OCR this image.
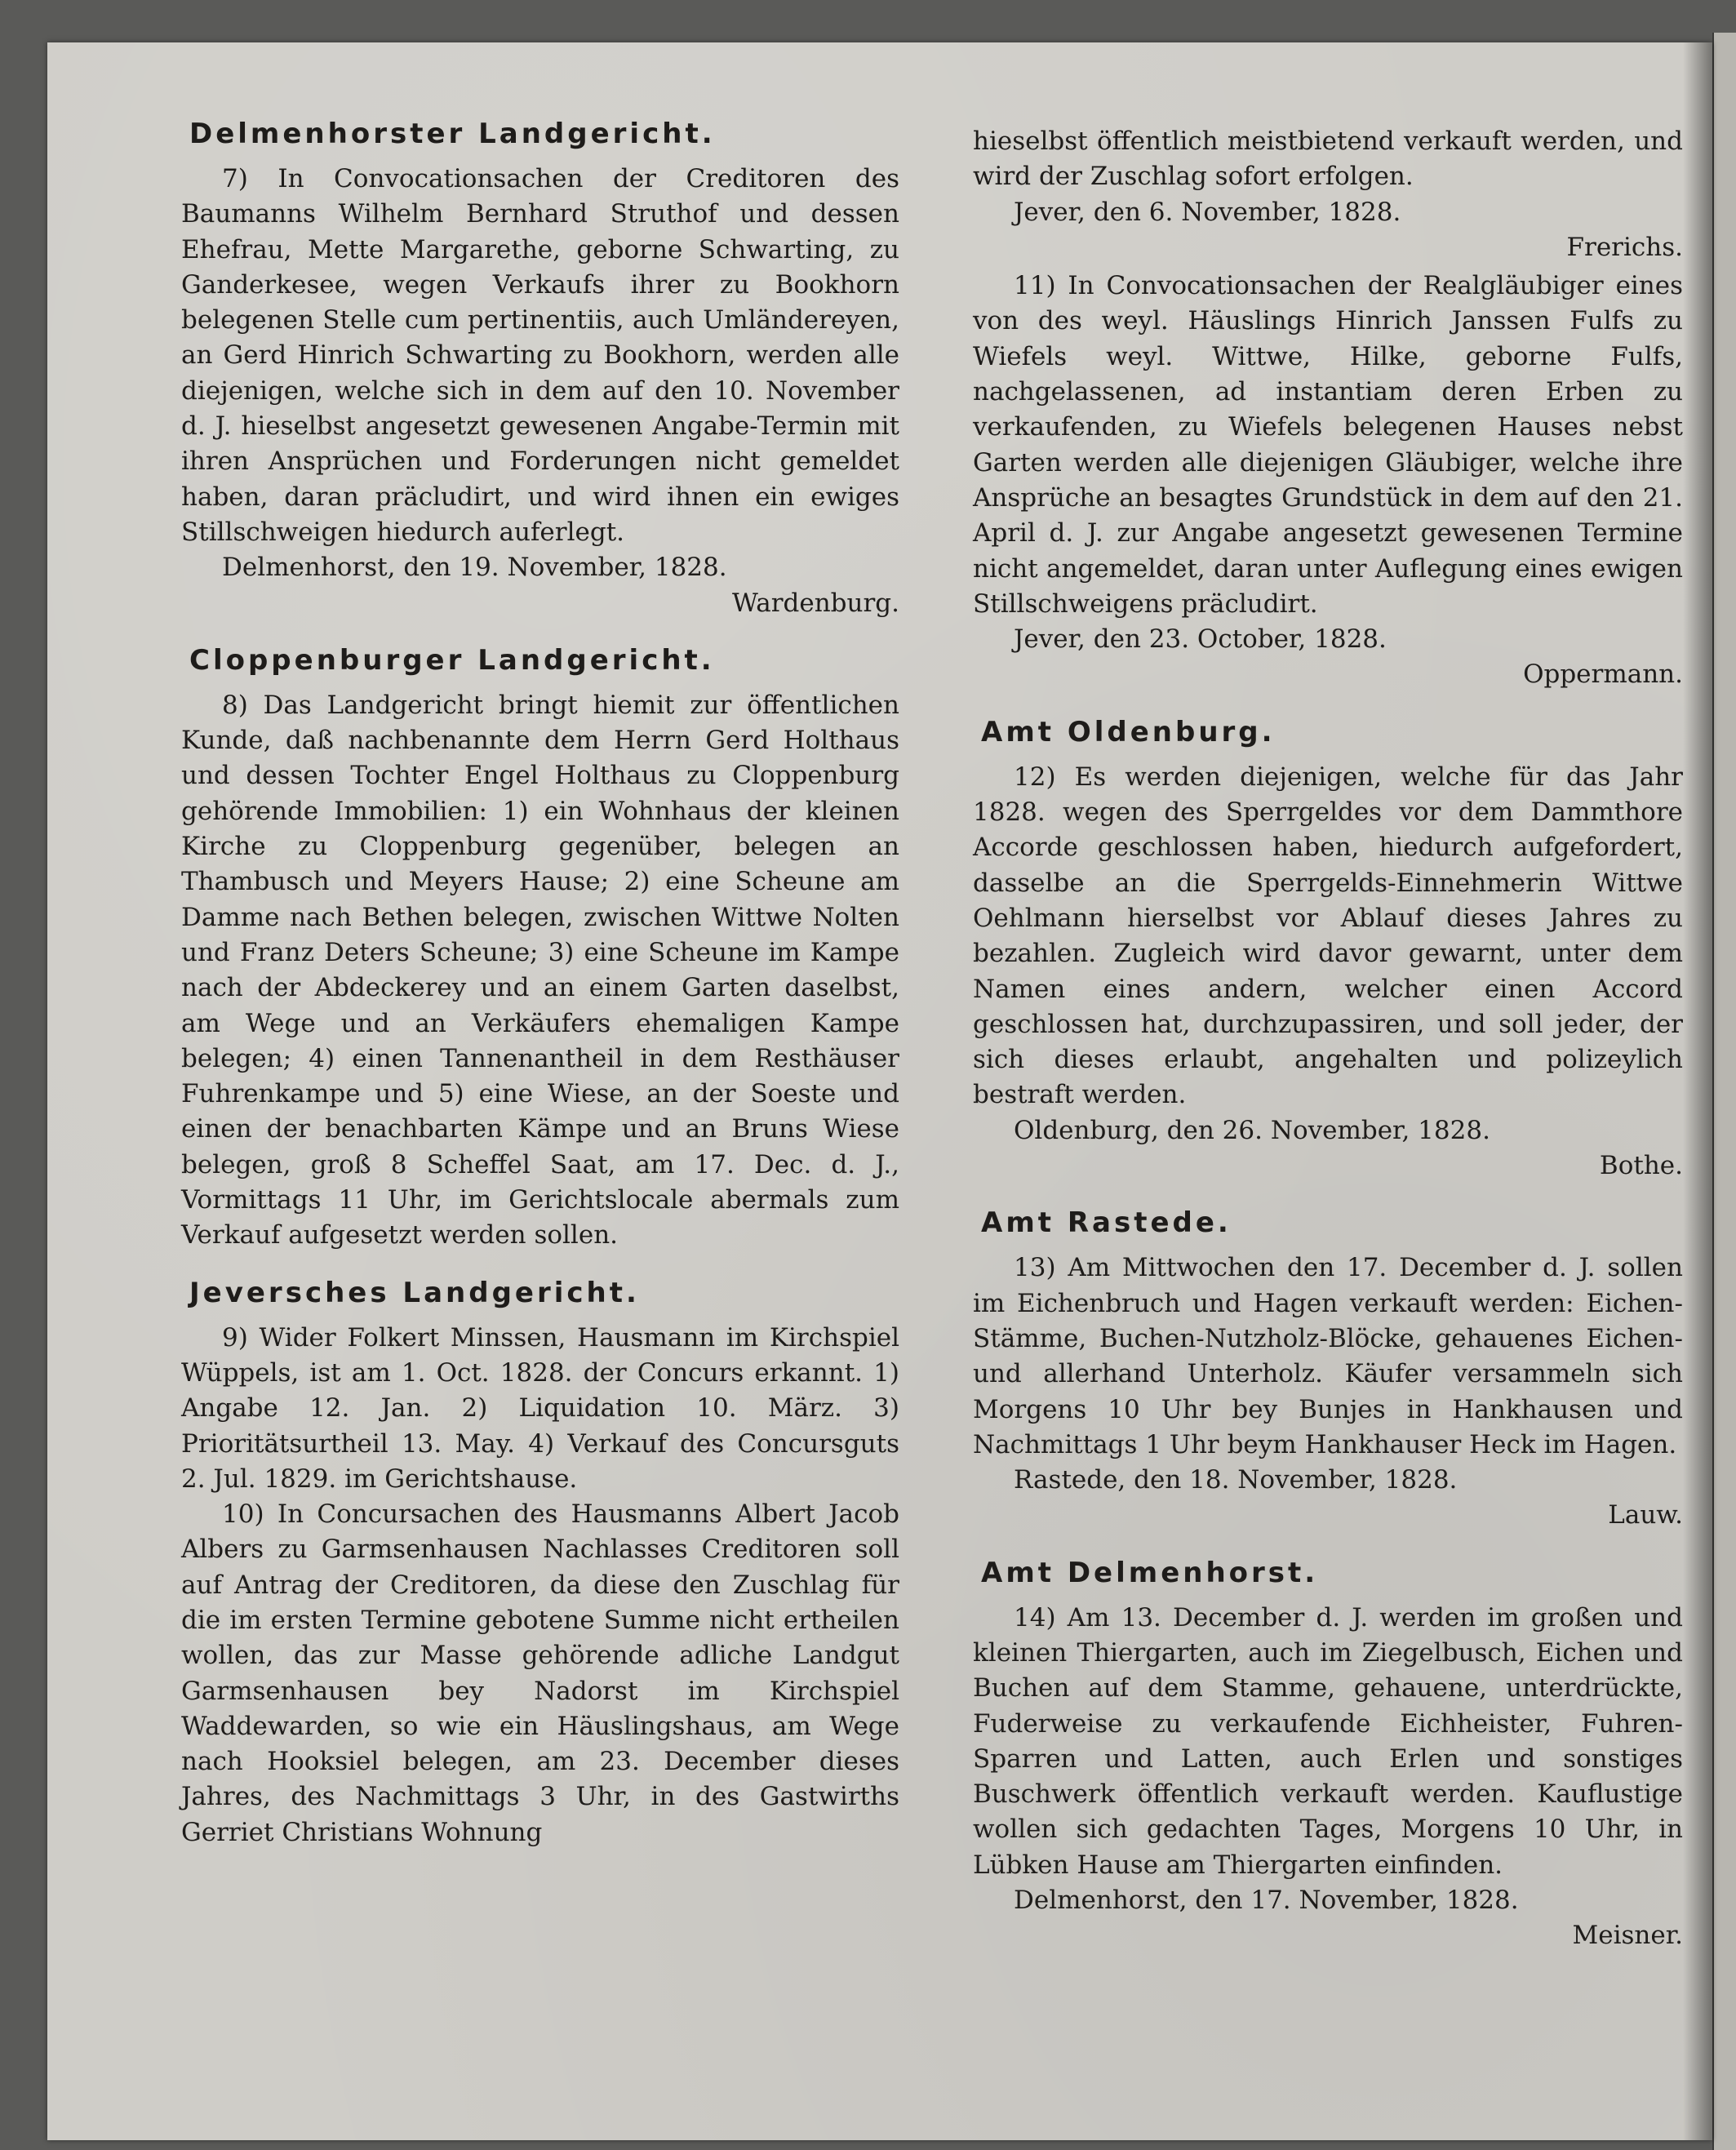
Delmenhorster Landgericht.

7) In Convocationsachen der Creditoren des Baumanns Wilhelm Bernhard Struthof und dessen Ehefrau, Mette Margarethe, geborne Schwarting, zu Ganderkesee, wegen Verkaufs ihrer zu Bookhorn belegenen Stelle cum pertinentiis, auch Umländereyen, an Gerd Hinrich Schwarting zu Bookhorn, werden alle diejenigen, welche sich in dem auf den 10. November d. J. hieselbst angesetzt gewesenen Angabe-Termin mit ihren Ansprüchen und Forderungen nicht gemeldet haben, daran präcludirt, und wird ihnen ein ewiges Stillschweigen hiedurch auferlegt.

Delmenhorst, den 19. November, 1828.

Wardenburg.

Cloppenburger Landgericht.

8) Das Landgericht bringt hiemit zur öffentlichen Kunde, daß nachbenannte dem Herrn Gerd Holthaus und dessen Tochter Engel Holthaus zu Cloppenburg gehörende Immobilien: 1) ein Wohnhaus der kleinen Kirche zu Cloppenburg gegenüber, belegen an Thambusch und Meyers Hause; 2) eine Scheune am Damme nach Bethen belegen, zwischen Wittwe Nolten und Franz Deters Scheune; 3) eine Scheune im Kampe nach der Abdeckerey und an einem Garten daselbst, am Wege und an Verkäufers ehemaligen Kampe belegen; 4) einen Tannenantheil in dem Resthäuser Fuhrenkampe und 5) eine Wiese, an der Soeste und einen der benachbarten Kämpe und an Bruns Wiese belegen, groß 8 Scheffel Saat, am 17. Dec. d. J., Vormittags 11 Uhr, im Gerichtslocale abermals zum Verkauf aufgesetzt werden sollen.

Jeversches Landgericht.

9) Wider Folkert Minssen, Hausmann im Kirchspiel Wüppels, ist am 1. Oct. 1828. der Concurs erkannt. 1) Angabe 12. Jan. 2) Liquidation 10. März. 3) Prioritätsurtheil 13. May. 4) Verkauf des Concursguts 2. Jul. 1829. im Gerichtshause.

10) In Concursachen des Hausmanns Albert Jacob Albers zu Garmsenhausen Nachlasses Creditoren soll auf Antrag der Creditoren, da diese den Zuschlag für die im ersten Termine gebotene Summe nicht ertheilen wollen, das zur Masse gehörende adliche Landgut Garmsenhausen bey Nadorst im Kirchspiel Waddewarden, so wie ein Häuslingshaus, am Wege nach Hooksiel belegen, am 23. December dieses Jahres, des Nachmittags 3 Uhr, in des Gastwirths Gerriet Christians Wohnung

hieselbst öffentlich meistbietend verkauft werden, und wird der Zuschlag sofort erfolgen.

Jever, den 6. November, 1828.

Frerichs.

11) In Convocationsachen der Realgläubiger eines von des weyl. Häuslings Hinrich Janssen Fulfs zu Wiefels weyl. Wittwe, Hilke, geborne Fulfs, nachgelassenen, ad instantiam deren Erben zu verkaufenden, zu Wiefels belegenen Hauses nebst Garten werden alle diejenigen Gläubiger, welche ihre Ansprüche an besagtes Grundstück in dem auf den 21. April d. J. zur Angabe angesetzt gewesenen Termine nicht angemeldet, daran unter Auflegung eines ewigen Stillschweigens präcludirt.

Jever, den 23. October, 1828.

Oppermann.

Amt Oldenburg.

12) Es werden diejenigen, welche für das Jahr 1828. wegen des Sperrgeldes vor dem Dammthore Accorde geschlossen haben, hiedurch aufgefordert, dasselbe an die Sperrgelds-Einnehmerin Wittwe Oehlmann hierselbst vor Ablauf dieses Jahres zu bezahlen. Zugleich wird davor gewarnt, unter dem Namen eines andern, welcher einen Accord geschlossen hat, durchzupassiren, und soll jeder, der sich dieses erlaubt, angehalten und polizeylich bestraft werden.

Oldenburg, den 26. November, 1828.

Bothe.

Amt Rastede.

13) Am Mittwochen den 17. December d. J. sollen im Eichenbruch und Hagen verkauft werden: Eichen-Stämme, Buchen-Nutzholz-Blöcke, gehauenes Eichen- und allerhand Unterholz. Käufer versammeln sich Morgens 10 Uhr bey Bunjes in Hankhausen und Nachmittags 1 Uhr beym Hankhauser Heck im Hagen.

Rastede, den 18. November, 1828.

Lauw.

Amt Delmenhorst.

14) Am 13. December d. J. werden im großen und kleinen Thiergarten, auch im Ziegelbusch, Eichen und Buchen auf dem Stamme, gehauene, unterdrückte, Fuderweise zu verkaufende Eichheister, Fuhren-Sparren und Latten, auch Erlen und sonstiges Buschwerk öffentlich verkauft werden. Kauflustige wollen sich gedachten Tages, Morgens 10 Uhr, in Lübken Hause am Thiergarten einfinden.

Delmenhorst, den 17. November, 1828.

Meisner.
